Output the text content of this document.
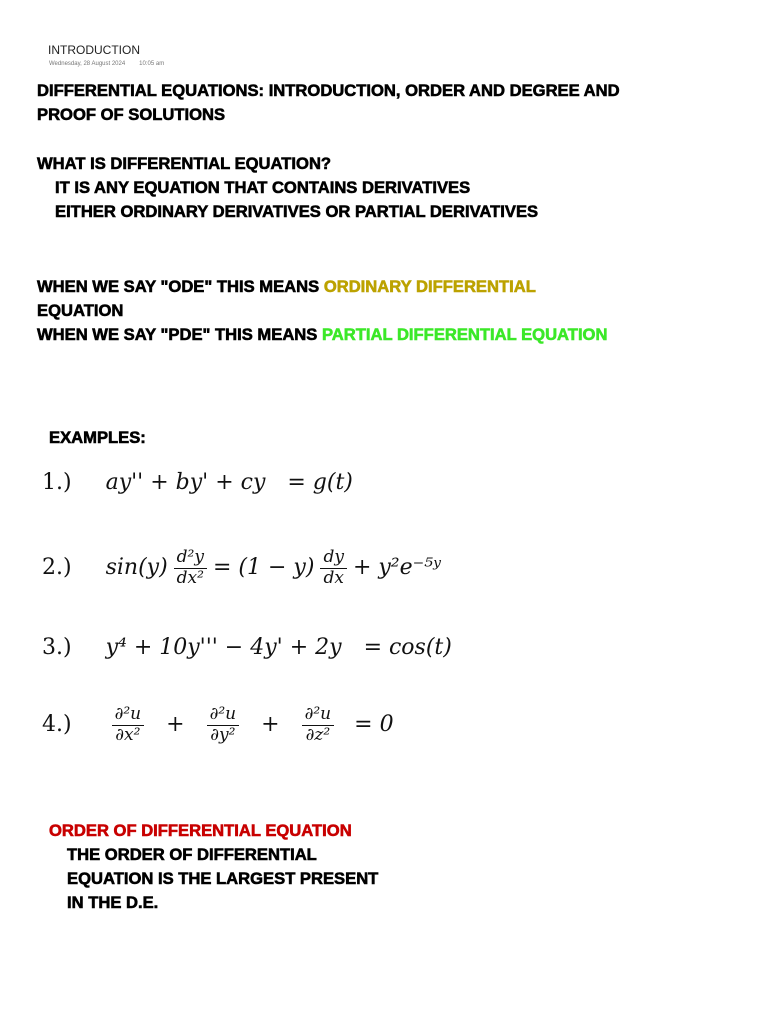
INTRODUCTION
Wednesday, 28 August 2024 10:05 am
DIFFERENTIAL EQUATIONS: INTRODUCTION, ORDER AND DEGREE AND
PROOF OF SOLUTIONS
WHAT IS DIFFERENTIAL EQUATION?
IT IS ANY EQUATION THAT CONTAINS DERIVATIVES
EITHER ORDINARY DERIVATIVES OR PARTIAL DERIVATIVES
WHEN WE SAY "ODE" THIS MEANS ORDINARY DIFFERENTIAL
EQUATION
WHEN WE SAY "PDE" THIS MEANS PARTIAL DIFFERENTIAL EQUATION
EXAMPLES:
1.) ay'' + by' + cy = g(t)
2.) $\sin(y) \frac{\text{d²y}}{\text{dx²}} = (1 - y) \frac{dy}{dx}$ + y²e⁻⁵ʸ
3.) y⁴ + 10y''' − 4y' + 2y = cos(t)
$4.) \frac{\text{∂²u}}{\text{∂x²}} + \frac{\text{∂²u}}{\text{∂y²}} + \frac{\text{∂²u}}{\text{∂z²}} = 0$
ORDER OF DIFFERENTIAL EQUATION
THE ORDER OF DIFFERENTIAL
EQUATION IS THE LARGEST PRESENT
IN THE D.E.
